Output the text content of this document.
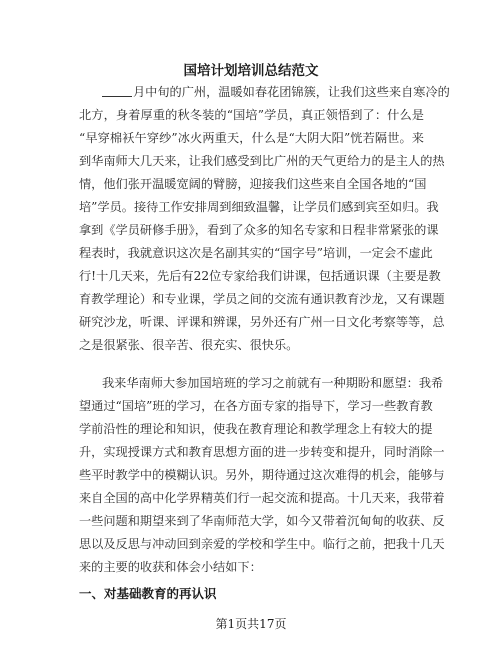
国培计划培训总结范文
月中旬的广州，温暖如春花团锦簇，让我们这些来自寒冷的
北方，身着厚重的秋冬装的“国培”学员，真正领悟到了：什么是
“早穿棉袄午穿纱”冰火两重天，什么是“大阴大阳”恍若隔世。来
到华南师大几天来，让我们感受到比广州的天气更给力的是主人的热
情，他们张开温暖宽阔的臂膀，迎接我们这些来自全国各地的“国
培”学员。接待工作安排周到细致温馨，让学员们感到宾至如归。我
拿到《学员研修手册》，看到了众多的知名专家和日程非常紧张的课
程表时，我就意识这次是名副其实的“国字号”培训，一定会不虚此
行!十几天来，先后有22位专家给我们讲课，包括通识课（主要是教
育教学理论）和专业课，学员之间的交流有通识教育沙龙，又有课题
研究沙龙，听课、评课和辨课，另外还有广州一日文化考察等等，总
之是很紧张、很辛苦、很充实、很快乐。
我来华南师大参加国培班的学习之前就有一种期盼和愿望：我希
望通过“国培”班的学习，在各方面专家的指导下，学习一些教育教
学前沿性的理论和知识，使我在教育理论和教学理念上有较大的提
升，实现授课方式和教育思想方面的进一步转变和提升，同时消除一
些平时教学中的模糊认识。另外，期待通过这次难得的机会，能够与
来自全国的高中化学界精英们行一起交流和提高。十几天来，我带着
一些问题和期望来到了华南师范大学，如今又带着沉甸甸的收获、反
思以及反思与冲动回到亲爱的学校和学生中。临行之前，把我十几天
来的主要的收获和体会小结如下：
一、对基础教育的再认识
第1页共17页
